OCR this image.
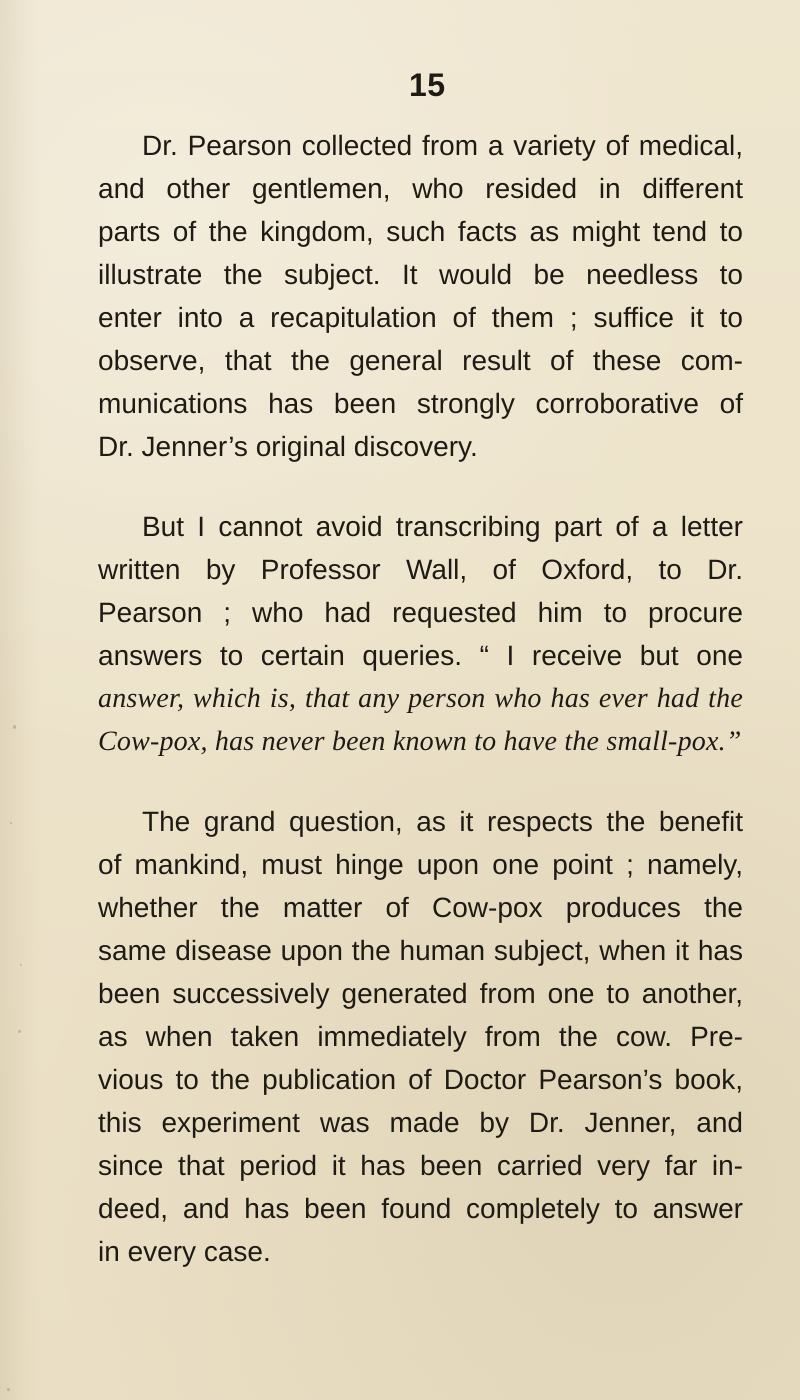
15
Dr. Pearson collected from a variety of medical,
and other gentlemen, who resided in different
parts of the kingdom, such facts as might tend to
illustrate the subject. It would be needless to
enter into a recapitulation of them ; suffice it to
observe, that the general result of these com-
munications has been strongly corroborative of
Dr. Jenner’s original discovery.
But I cannot avoid transcribing part of a letter
written by Professor Wall, of Oxford, to Dr.
Pearson ; who had requested him to procure
answers to certain queries. “ I receive but one
answer, which is, that any person who has ever had the
Cow-pox, has never been known to have the small-pox.”
The grand question, as it respects the benefit
of mankind, must hinge upon one point ; namely,
whether the matter of Cow-pox produces the
same disease upon the human subject, when it has
been successively generated from one to another,
as when taken immediately from the cow. Pre-
vious to the publication of Doctor Pearson’s book,
this experiment was made by Dr. Jenner, and
since that period it has been carried very far in-
deed, and has been found completely to answer
in every case.
